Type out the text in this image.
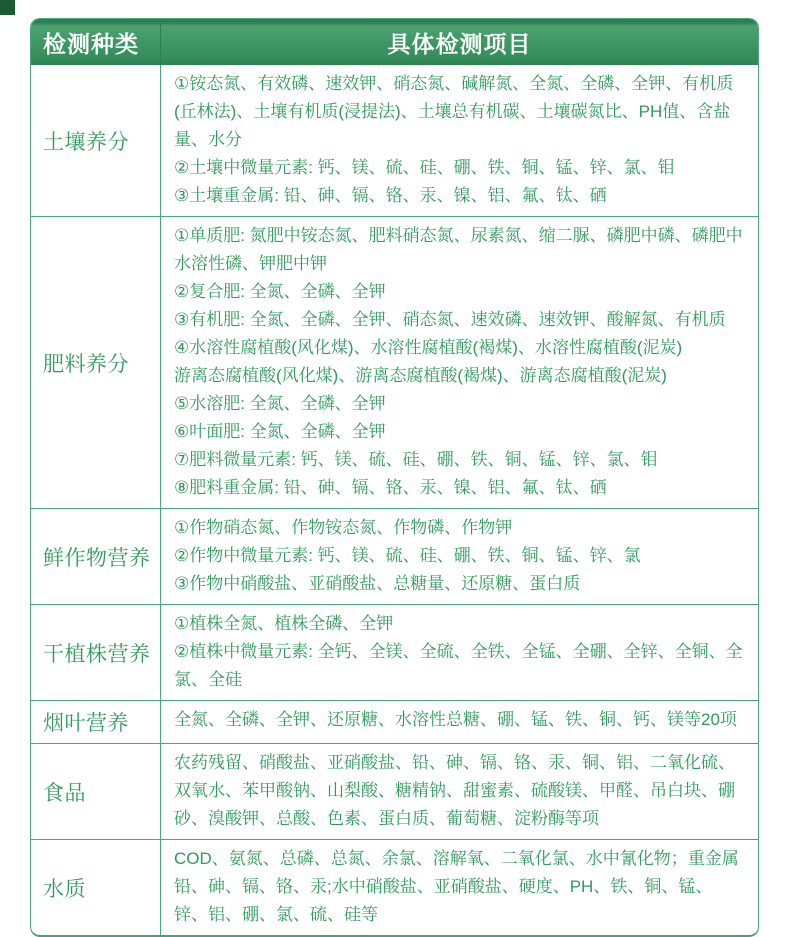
检测种类	具体检测项目
土壤养分
①铵态氮、有效磷、速效钾、硝态氮、碱解氮、全氮、全磷、全钾、有机质(丘林法)、土壤有机质(浸提法)、土壤总有机碳、土壤碳氮比、PH值、含盐量、水分
②土壤中微量元素: 钙、镁、硫、硅、硼、铁、铜、锰、锌、氯、钼
③土壤重金属: 铅、砷、镉、铬、汞、镍、铝、氟、钛、硒
肥料养分
①单质肥: 氮肥中铵态氮、肥料硝态氮、尿素氮、缩二脲、磷肥中磷、磷肥中水溶性磷、钾肥中钾
②复合肥: 全氮、全磷、全钾
③有机肥: 全氮、全磷、全钾、硝态氮、速效磷、速效钾、酸解氮、有机质
④水溶性腐植酸(风化煤)、水溶性腐植酸(褐煤)、水溶性腐植酸(泥炭)
游离态腐植酸(风化煤)、游离态腐植酸(褐煤)、游离态腐植酸(泥炭)
⑤水溶肥: 全氮、全磷、全钾
⑥叶面肥: 全氮、全磷、全钾
⑦肥料微量元素: 钙、镁、硫、硅、硼、铁、铜、锰、锌、氯、钼
⑧肥料重金属: 铅、砷、镉、铬、汞、镍、铝、氟、钛、硒
鲜作物营养
①作物硝态氮、作物铵态氮、作物磷、作物钾
②作物中微量元素: 钙、镁、硫、硅、硼、铁、铜、锰、锌、氯
③作物中硝酸盐、亚硝酸盐、总糖量、还原糖、蛋白质
干植株营养
①植株全氮、植株全磷、全钾
②植株中微量元素: 全钙、全镁、全硫、全铁、全锰、全硼、全锌、全铜、全氯、全硅
烟叶营养	全氮、全磷、全钾、还原糖、水溶性总糖、硼、锰、铁、铜、钙、镁等20项
食品
农药残留、硝酸盐、亚硝酸盐、铅、砷、镉、铬、汞、铜、铝、二氧化硫、双氧水、苯甲酸钠、山梨酸、糖精钠、甜蜜素、硫酸镁、甲醛、吊白块、硼砂、溴酸钾、总酸、色素、蛋白质、葡萄糖、淀粉酶等项
水质
COD、氨氮、总磷、总氮、余氯、溶解氧、二氧化氯、水中氰化物；重金属铅、砷、镉、铬、汞;水中硝酸盐、亚硝酸盐、硬度、PH、铁、铜、锰、锌、铝、硼、氯、硫、硅等
